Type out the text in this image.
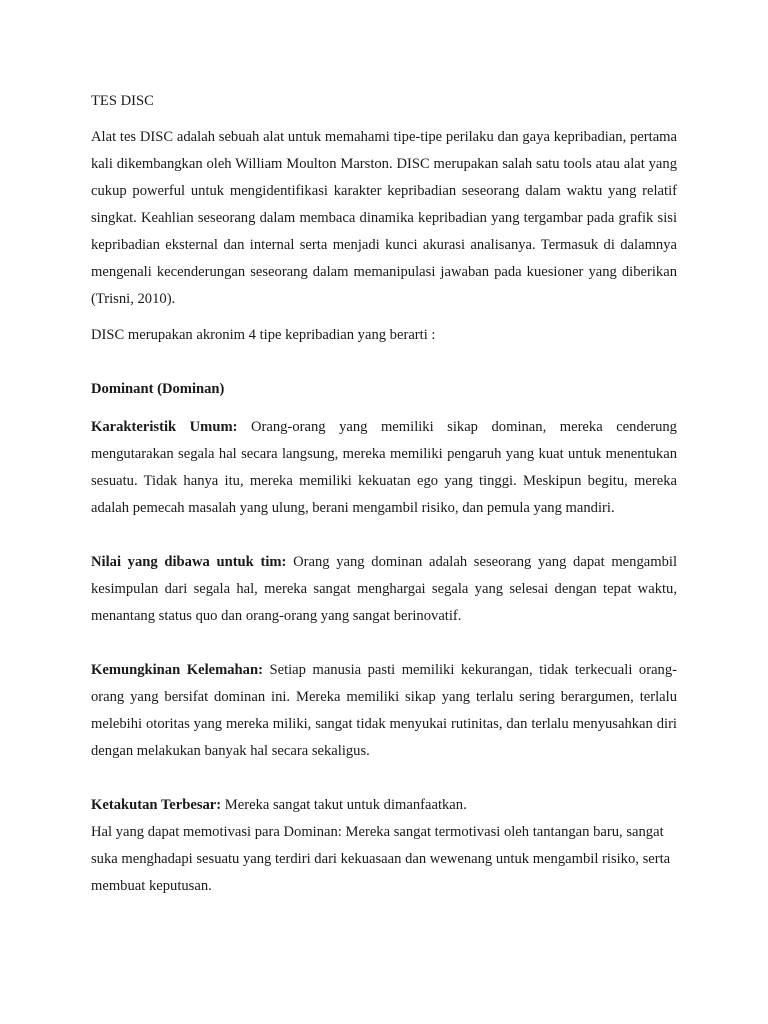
TES DISC

Alat tes DISC adalah sebuah alat untuk memahami tipe-tipe perilaku dan gaya kepribadian, pertama kali dikembangkan oleh William Moulton Marston. DISC merupakan salah satu tools atau alat yang cukup powerful untuk mengidentifikasi karakter kepribadian seseorang dalam waktu yang relatif singkat. Keahlian seseorang dalam membaca dinamika kepribadian yang tergambar pada grafik sisi kepribadian eksternal dan internal serta menjadi kunci akurasi analisanya. Termasuk di dalamnya mengenali kecenderungan seseorang dalam memanipulasi jawaban pada kuesioner yang diberikan (Trisni, 2010).

DISC merupakan akronim 4 tipe kepribadian yang berarti :

Dominant (Dominan)

Karakteristik Umum: Orang-orang yang memiliki sikap dominan, mereka cenderung mengutarakan segala hal secara langsung, mereka memiliki pengaruh yang kuat untuk menentukan sesuatu. Tidak hanya itu, mereka memiliki kekuatan ego yang tinggi. Meskipun begitu, mereka adalah pemecah masalah yang ulung, berani mengambil risiko, dan pemula yang mandiri.

Nilai yang dibawa untuk tim: Orang yang dominan adalah seseorang yang dapat mengambil kesimpulan dari segala hal, mereka sangat menghargai segala yang selesai dengan tepat waktu, menantang status quo dan orang-orang yang sangat berinovatif.

Kemungkinan Kelemahan: Setiap manusia pasti memiliki kekurangan, tidak terkecuali orang-orang yang bersifat dominan ini. Mereka memiliki sikap yang terlalu sering berargumen, terlalu melebihi otoritas yang mereka miliki, sangat tidak menyukai rutinitas, dan terlalu menyusahkan diri dengan melakukan banyak hal secara sekaligus.

Ketakutan Terbesar: Mereka sangat takut untuk dimanfaatkan.

Hal yang dapat memotivasi para Dominan: Mereka sangat termotivasi oleh tantangan baru, sangat suka menghadapi sesuatu yang terdiri dari kekuasaan dan wewenang untuk mengambil risiko, serta membuat keputusan.
